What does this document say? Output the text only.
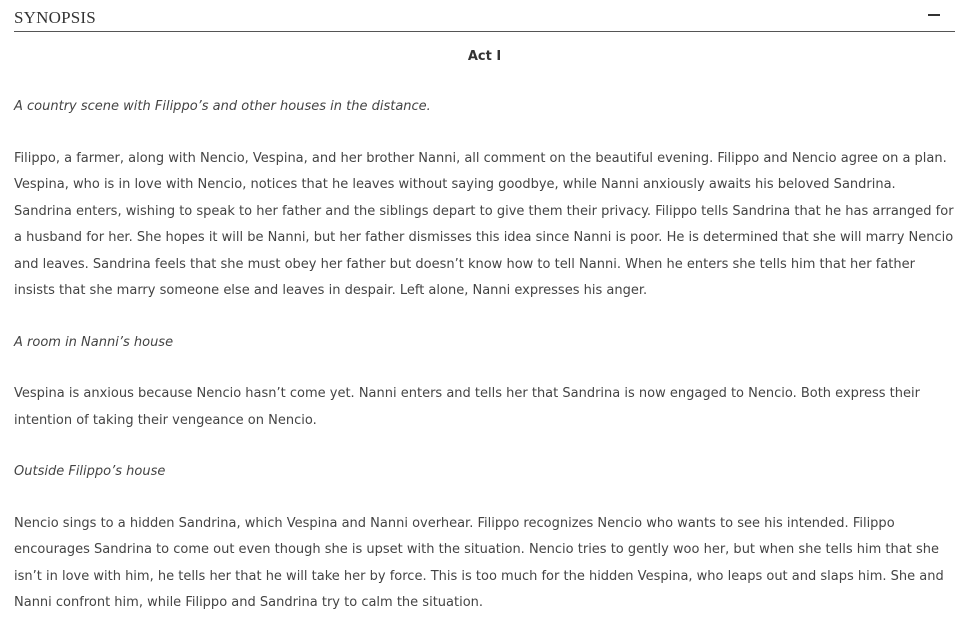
SYNOPSIS
Act I

A country scene with Filippo’s and other houses in the distance.

Filippo, a farmer, along with Nencio, Vespina, and her brother Nanni, all comment on the beautiful evening. Filippo and Nencio agree on a plan. Vespina, who is in love with Nencio, notices that he leaves without saying goodbye, while Nanni anxiously awaits his beloved Sandrina. Sandrina enters, wishing to speak to her father and the siblings depart to give them their privacy. Filippo tells Sandrina that he has arranged for a husband for her. She hopes it will be Nanni, but her father dismisses this idea since Nanni is poor. He is determined that she will marry Nencio and leaves. Sandrina feels that she must obey her father but doesn’t know how to tell Nanni. When he enters she tells him that her father insists that she marry someone else and leaves in despair. Left alone, Nanni expresses his anger.

A room in Nanni’s house

Vespina is anxious because Nencio hasn’t come yet. Nanni enters and tells her that Sandrina is now engaged to Nencio. Both express their intention of taking their vengeance on Nencio.

Outside Filippo’s house

Nencio sings to a hidden Sandrina, which Vespina and Nanni overhear. Filippo recognizes Nencio who wants to see his intended. Filippo encourages Sandrina to come out even though she is upset with the situation. Nencio tries to gently woo her, but when she tells him that she isn’t in love with him, he tells her that he will take her by force. This is too much for the hidden Vespina, who leaps out and slaps him. She and Nanni confront him, while Filippo and Sandrina try to calm the situation.
